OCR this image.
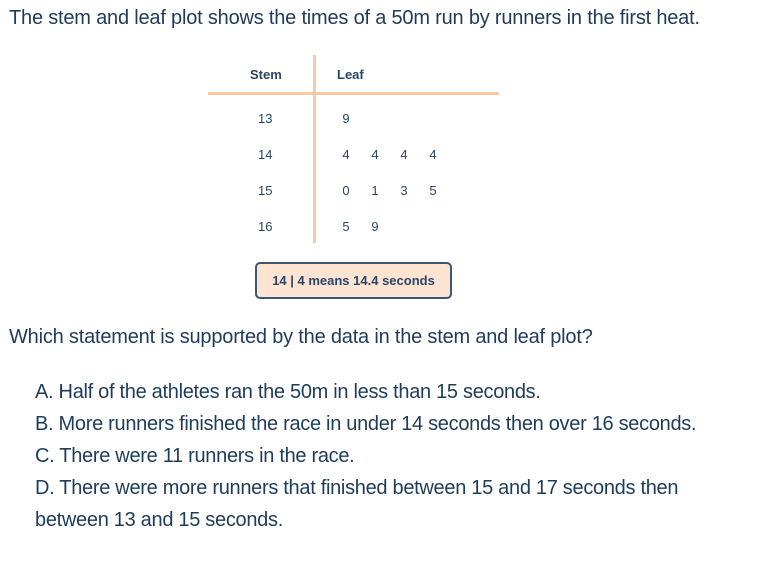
The stem and leaf plot shows the times of a 50m run by runners in the first heat.
Stem	Leaf
13	9
14	4 4 4 4
15	0 1 3 5
16	5 9
14 | 4 means 14.4 seconds
Which statement is supported by the data in the stem and leaf plot?
A. Half of the athletes ran the 50m in less than 15 seconds.
B. More runners finished the race in under 14 seconds then over 16 seconds.
C. There were 11 runners in the race.
D. There were more runners that finished between 15 and 17 seconds then between 13 and 15 seconds.
